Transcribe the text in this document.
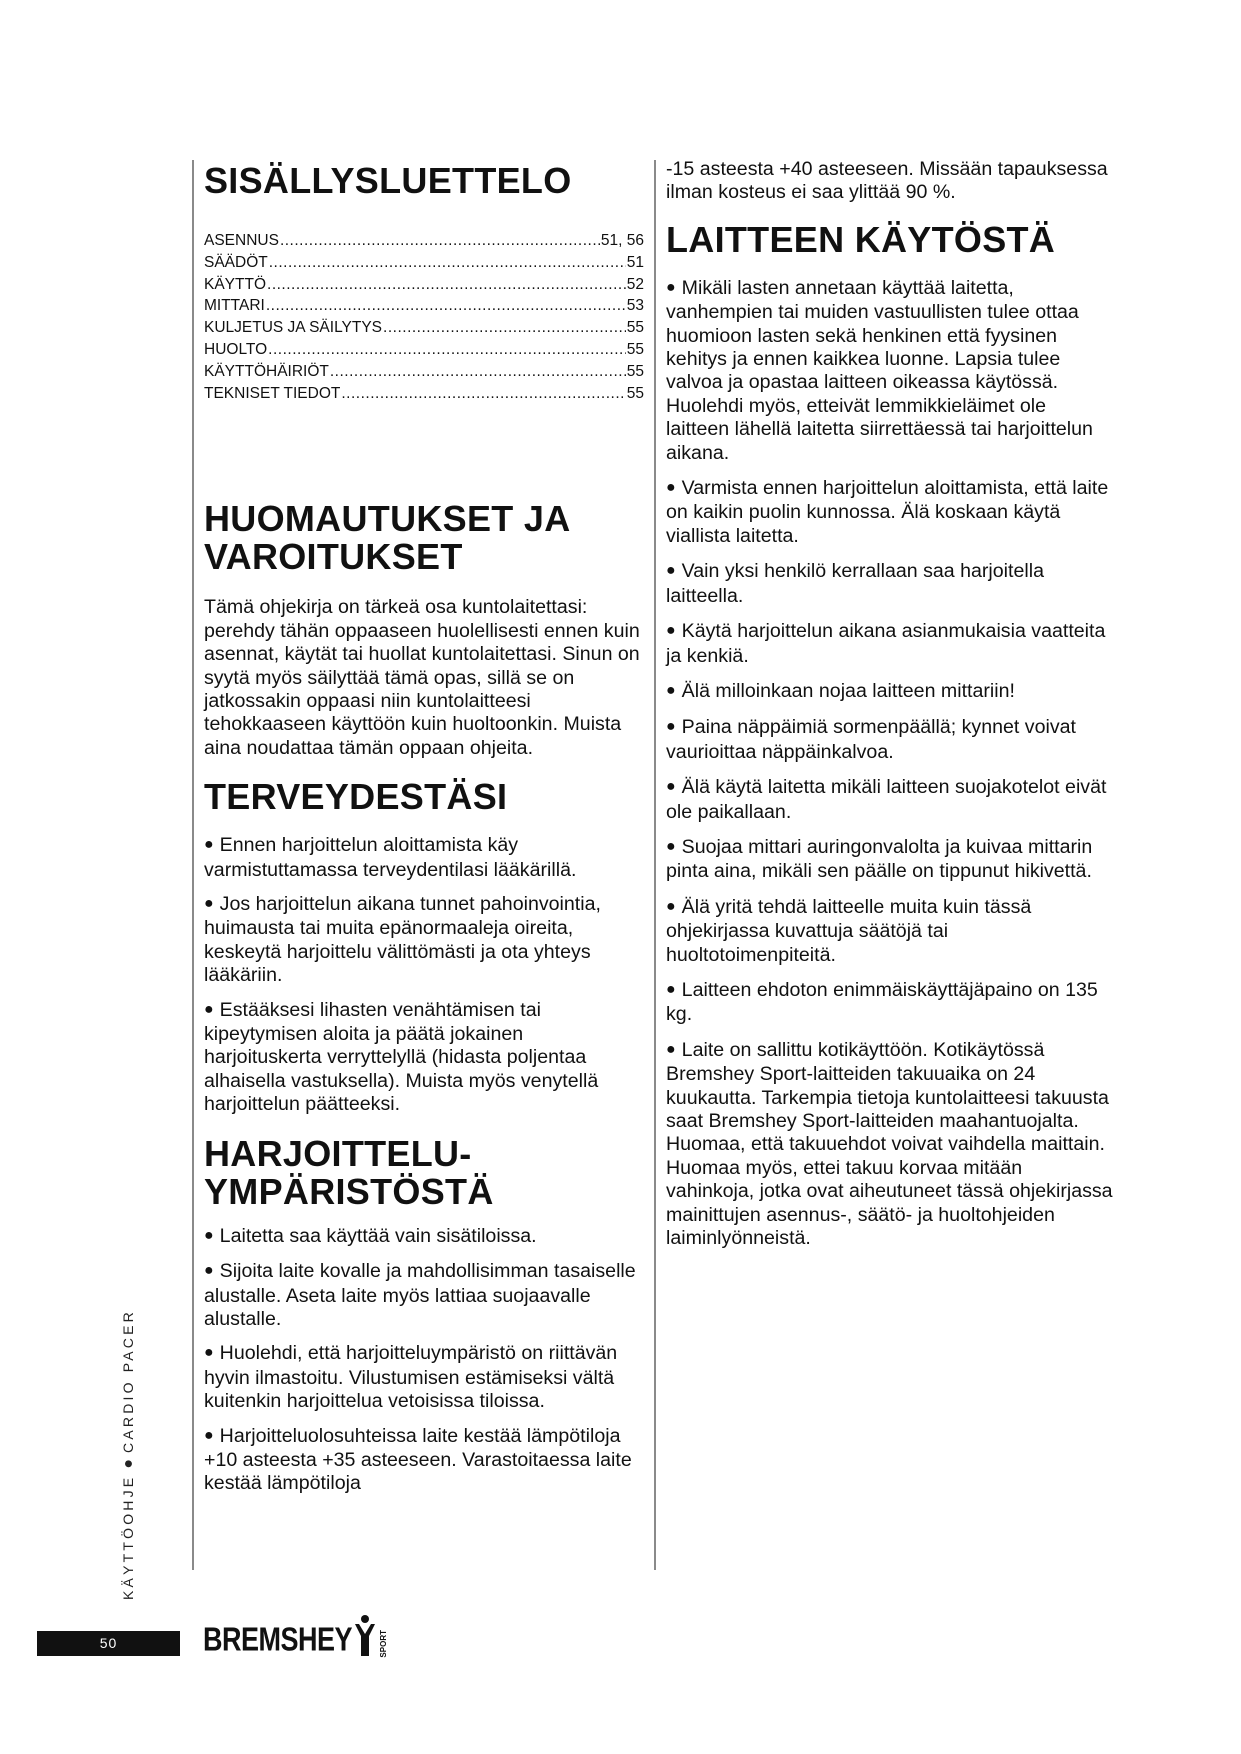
SISÄLLYSLUETTELO
ASENNUS .....	51, 56
SÄÄDÖT .....	51
KÄYTTÖ .....	52
MITTARI .....	53
KULJETUS JA SÄILYTYS .....	55
HUOLTO .....	55
KÄYTTÖHÄIRIÖT .....	55
TEKNISET TIEDOT .....	55
HUOMAUTUKSET JA
VAROITUKSET

Tämä ohjekirja on tärkeä osa kuntolaitettasi: perehdy tähän oppaaseen huolellisesti ennen kuin asennat, käytät tai huollat kuntolaitettasi. Sinun on syytä myös säilyttää tämä opas, sillä se on jatkossakin oppaasi niin kuntolaitteesi tehokkaaseen käyttöön kuin huoltoonkin. Muista aina noudattaa tämän oppaan ohjeita.

TERVEYDESTÄSI

● Ennen harjoittelun aloittamista käy varmistuttamassa terveydentilasi lääkärillä.

● Jos harjoittelun aikana tunnet pahoinvointia, huimausta tai muita epänormaaleja oireita, keskeytä harjoittelu välittömästi ja ota yhteys lääkäriin.

● Estääksesi lihasten venähtämisen tai kipeytymisen aloita ja päätä jokainen harjoituskerta verryttelyllä (hidasta poljentaa alhaisella vastuksella). Muista myös venytellä harjoittelun päätteeksi.

HARJOITTELU-
YMPÄRISTÖSTÄ

● Laitetta saa käyttää vain sisätiloissa.

● Sijoita laite kovalle ja mahdollisimman tasaiselle alustalle. Aseta laite myös lattiaa suojaavalle alustalle.

● Huolehdi, että harjoitteluympäristö on riittävän hyvin ilmastoitu. Vilustumisen estämiseksi vältä kuitenkin harjoittelua vetoisissa tiloissa.

● Harjoitteluolosuhteissa laite kestää lämpötiloja +10 asteesta +35 asteeseen. Varastoitaessa laite kestää lämpötiloja

-15 asteesta +40 asteeseen. Missään tapauksessa ilman kosteus ei saa ylittää 90 %.

LAITTEEN KÄYTÖSTÄ

● Mikäli lasten annetaan käyttää laitetta, vanhempien tai muiden vastuullisten tulee ottaa huomioon lasten sekä henkinen että fyysinen kehitys ja ennen kaikkea luonne. Lapsia tulee valvoa ja opastaa laitteen oikeassa käytössä. Huolehdi myös, etteivät lemmikkieläimet ole laitteen lähellä laitetta siirrettäessä tai harjoittelun aikana.

● Varmista ennen harjoittelun aloittamista, että laite on kaikin puolin kunnossa. Älä koskaan käytä viallista laitetta.

● Vain yksi henkilö kerrallaan saa harjoitella laitteella.

● Käytä harjoittelun aikana asianmukaisia vaatteita ja kenkiä.

● Älä milloinkaan nojaa laitteen mittariin!

● Paina näppäimiä sormenpäällä; kynnet voivat vaurioittaa näppäinkalvoa.

● Älä käytä laitetta mikäli laitteen suojakotelot eivät ole paikallaan.

● Suojaa mittari auringonvalolta ja kuivaa mittarin pinta aina, mikäli sen päälle on tippunut hikivettä.

● Älä yritä tehdä laitteelle muita kuin tässä ohjekirjassa kuvattuja säätöjä tai huoltotoimenpiteitä.

● Laitteen ehdoton enimmäiskäyttäjäpaino on 135 kg.

● Laite on sallittu kotikäyttöön. Kotikäytössä Bremshey Sport-laitteiden takuuaika on 24 kuukautta. Tarkempia tietoja kuntolaitteesi takuusta saat Bremshey Sport-laitteiden maahantuojalta. Huomaa, että takuuehdot voivat vaihdella maittain. Huomaa myös, ettei takuu korvaa mitään vahinkoja, jotka ovat aiheutuneet tässä ohjekirjassa mainittujen asennus-, säätö- ja huoltohjeiden laiminlyönneistä.

KÄYTTÖOHJE●CARDIO PACER
50	BREMSHEY	SPORT
